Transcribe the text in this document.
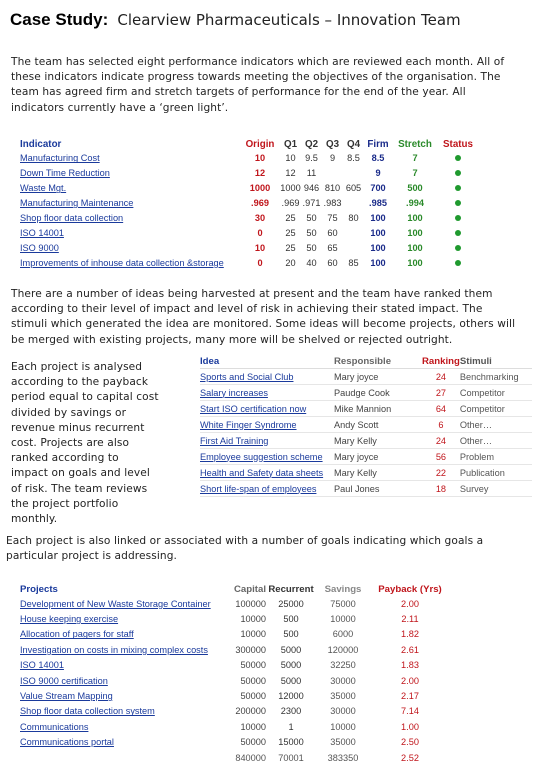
Case Study: Clearview Pharmaceuticals – Innovation Team
The team has selected eight performance indicators which are reviewed each month. All of these indicators indicate progress towards meeting the objectives of the organisation. The team has agreed firm and stretch targets of performance for the end of the year. All indicators currently have a ‘green light’.
Indicator	Origin	Q1	Q2	Q3	Q4	Firm	Stretch	Status
Manufacturing Cost	10	10	9.5	9	8.5	8.5	7	
Down Time Reduction	12	12	11			9	7	
Waste Mgt.	1000	1000	946	810	605	700	500	
Manufacturing Maintenance	.969	.969	.971	.983		.985	.994	
Shop floor data collection	30	25	50	75	80	100	100	
ISO 14001	0	25	50	60		100	100	
ISO 9000	10	25	50	65		100	100	
Improvements of inhouse data collection &storage	0	20	40	60	85	100	100	
There are a number of ideas being harvested at present and the team have ranked them according to their level of impact and level of risk in achieving their stated impact. The stimuli which generated the idea are monitored. Some ideas will become projects, others will be merged with existing projects, many more will be shelved or rejected outright.
Each project is analysed according to the payback period equal to capital cost divided by savings or revenue minus recurrent cost. Projects are also ranked according to impact on goals and level of risk. The team reviews the project portfolio monthly.
Idea	Responsible	Ranking	Stimuli
Sports and Social Club	Mary joyce	24	Benchmarking
Salary increases	Paudge Cook	27	Competitor
Start ISO certification now	Mike Mannion	64	Competitor
White Finger Syndrome	Andy Scott	6	Other…
First Aid Training	Mary Kelly	24	Other…
Employee suggestion scheme	Mary joyce	56	Problem
Health and Safety data sheets	Mary Kelly	22	Publication
Short life-span of employees	Paul Jones	18	Survey
Each project is also linked or associated with a number of goals indicating which goals a particular project is addressing.
Projects	Capital	Recurrent	Savings	Payback (Yrs)
Development of New Waste Storage Container	100000	25000	75000	2.00
House keeping exercise	10000	500	10000	2.11
Allocation of pagers for staff	10000	500	6000	1.82
Investigation on costs in mixing complex costs	300000	5000	120000	2.61
ISO 14001	50000	5000	32250	1.83
ISO 9000 certification	50000	5000	30000	2.00
Value Stream Mapping	50000	12000	35000	2.17
Shop floor data collection system	200000	2300	30000	7.14
Communications	10000	1	10000	1.00
Communications portal	50000	15000	35000	2.50
	840000	70001	383350	2.52
